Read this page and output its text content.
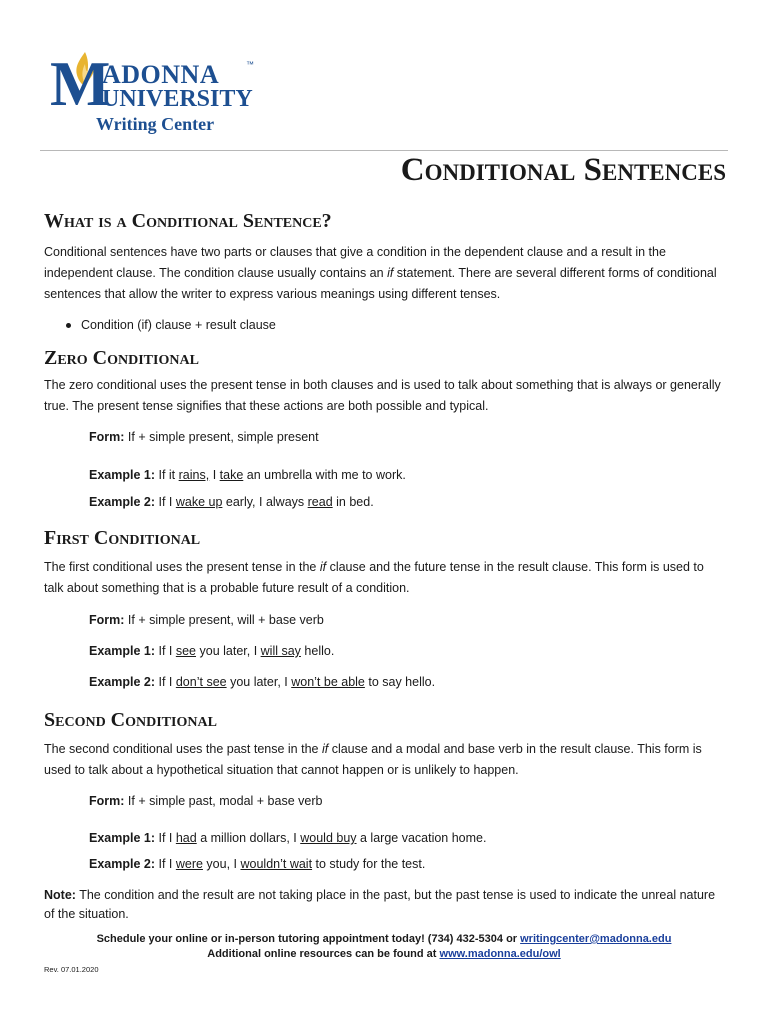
M
ADONNA	™
UNIVERSITY
Writing Center
Conditional Sentences
What is a Conditional Sentence?

Conditional sentences have two parts or clauses that give a condition in the dependent clause and a result in the independent clause. The condition clause usually contains an if statement. There are several different forms of conditional sentences that allow the writer to express various meanings using different tenses.

Condition (if) clause + result clause
Zero Conditional

The zero conditional uses the present tense in both clauses and is used to talk about something that is always or generally true. The present tense signifies that these actions are both possible and typical.

Form: If + simple present, simple present
Example 1: If it rains, I take an umbrella with me to work.
Example 2: If I wake up early, I always read in bed.
First Conditional

The first conditional uses the present tense in the if clause and the future tense in the result clause. This form is used to talk about something that is a probable future result of a condition.

Form: If + simple present, will + base verb
Example 1: If I see you later, I will say hello.
Example 2: If I don’t see you later, I won’t be able to say hello.
Second Conditional

The second conditional uses the past tense in the if clause and a modal and base verb in the result clause. This form is used to talk about a hypothetical situation that cannot happen or is unlikely to happen.

Form: If + simple past, modal + base verb
Example 1: If I had a million dollars, I would buy a large vacation home.
Example 2: If I were you, I wouldn’t wait to study for the test.

Note: The condition and the result are not taking place in the past, but the past tense is used to indicate the unreal nature of the situation.

Schedule your online or in-person tutoring appointment today! (734) 432-5304 or writingcenter@madonna.edu
Additional online resources can be found at www.madonna.edu/owl
Rev. 07.01.2020
